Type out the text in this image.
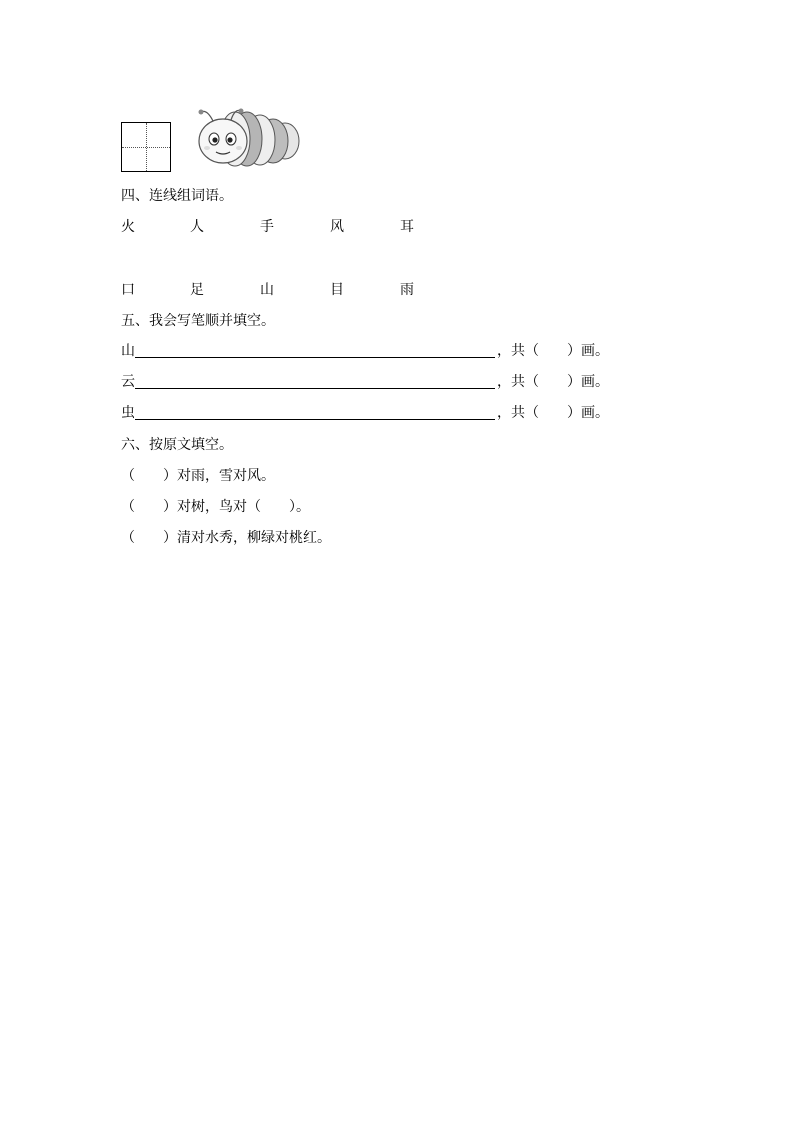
四、连线组词语。
火	人	手	风	耳
口	足	山	目	雨
五、我会写笔顺并填空。
山	，共（　　）画。
云	，共（　　）画。
虫	，共（　　）画。
六、按原文填空。
（　　）对雨，雪对风。
（　　）对树，鸟对（　　）。
（　　）清对水秀，柳绿对桃红。
